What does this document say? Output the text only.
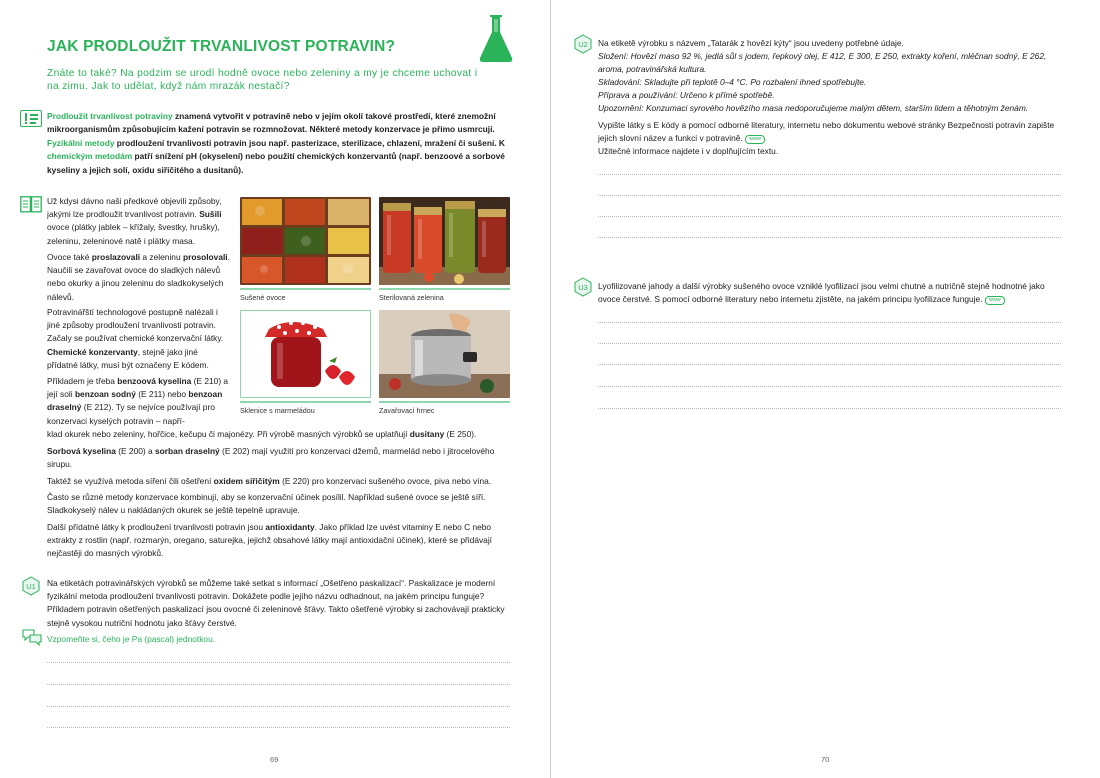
JAK PRODLOUŽIT TRVANLIVOST POTRAVIN?
Znáte to také? Na podzim se urodí hodně ovoce nebo zeleniny a my je chceme uchovat i na zimu. Jak to udělat, když nám mrazák nestačí?
Prodloužit trvanlivost potraviny znamená vytvořit v potravině nebo v jejím okolí takové prostředí, které znemožní mikroorganismům způsobujícím kažení potravin se rozmnožovat. Některé metody konzervace je přímo usmrcují. Fyzikální metody prodloužení trvanlivosti potravin jsou např. pasterizace, sterilizace, chlazení, mražení či sušení. K chemickým metodám patří snížení pH (okyselení) nebo použití chemických konzervantů (např. benzoové a sorbové kyseliny a jejich solí, oxidu siřičitého a dusitanů).
Už kdysi dávno naši předkové objevili způsoby, jakými lze prodloužit trvanlivost potravin. Sušili ovoce (plátky jablek – křížaly, švestky, hrušky), zeleninu, zeleninové natě i plátky masa.
Ovoce také proslazovali a zeleninu prosolovali. Naučili se zavařovat ovoce do sladkých nálevů nebo okurky a jinou zeleninu do sladkokyselých nálevů.
Potravinářští technologové postupně nalézali i jiné způsoby prodloužení trvanlivosti potravin. Začaly se používat chemické konzervační látky. Chemické konzervanty, stejně jako jiné přídatné látky, musí být označeny E kódem.
Příkladem je třeba benzoová kyselina (E 210) a její soli benzoan sodný (E 211) nebo benzoan draselný (E 212). Ty se nejvíce používají pro konzervaci kyselých potravin – napří-
Sušené ovoce	Sterilovaná zelenina
Sklenice s marmeládou	Zavařovací hrnec
klad okurek nebo zeleniny, hořčice, kečupu či majonézy. Při výrobě masných výrobků se uplatňují dusitany (E 250).
Sorbová kyselina (E 200) a sorban draselný (E 202) mají využití pro konzervaci džemů, marmelád nebo i jitrocelového sirupu.
Taktéž se využívá metoda síření čili ošetření oxidem siřičitým (E 220) pro konzervaci sušeného ovoce, piva nebo vína.
Často se různé metody konzervace kombinují, aby se konzervační účinek posílil. Například sušené ovoce se ještě síří. Sladkokyselý nálev u nakládaných okurek se ještě tepelně upravuje.
Další přídatné látky k prodloužení trvanlivosti potravin jsou antioxidanty. Jako příklad lze uvést vitaminy E nebo C nebo extrakty z rostlin (např. rozmarýn, oregano, saturejka, jejichž obsahové látky mají antioxidační účinek), které se přidávají nejčastěji do masných výrobků.
U1 Na etiketách potravinářských výrobků se můžeme také setkat s informací „Ošetřeno paskalizací“. Paskalizace je moderní fyzikální metoda prodloužení trvanlivosti potravin. Dokážete podle jejího názvu odhadnout, na jakém principu funguje? Příkladem potravin ošetřených paskalizací jsou ovocné či zeleninové šťávy. Takto ošetřené výrobky si zachovávají prakticky stejně vysokou nutriční hodnotu jako šťávy čerstvé.
Vzpomeňte si, čeho je Pa (pascal) jednotkou.
69
U2 Na etiketě výrobku s názvem „Tatarák z hovězí kýty“ jsou uvedeny potřebné údaje.
Složení: Hovězí maso 92 %, jedlá sůl s jodem, řepkový olej, E 412, E 300, E 250, extrakty koření, mléčnan sodný, E 262, aroma, potravinářská kultura.
Skladování: Skladujte při teplotě 0–4 °C. Po rozbalení ihned spotřebujte.
Příprava a používání: Určeno k přímé spotřebě.
Upozornění: Konzumaci syrového hovězího masa nedoporučujeme malým dětem, starším lidem a těhotným ženám.
Vypište látky s E kódy a pomocí odborné literatury, internetu nebo dokumentu webové stránky Bezpečnosti potravin zapište jejich slovní název a funkci v potravině. www
Užitečné informace najdete i v doplňujícím textu.
U3 Lyofilizované jahody a další výrobky sušeného ovoce vzniklé lyofilizací jsou velmi chutné a nutričně stejně hodnotné jako ovoce čerstvé. S pomocí odborné literatury nebo internetu zjistěte, na jakém principu lyofilizace funguje. www
70
